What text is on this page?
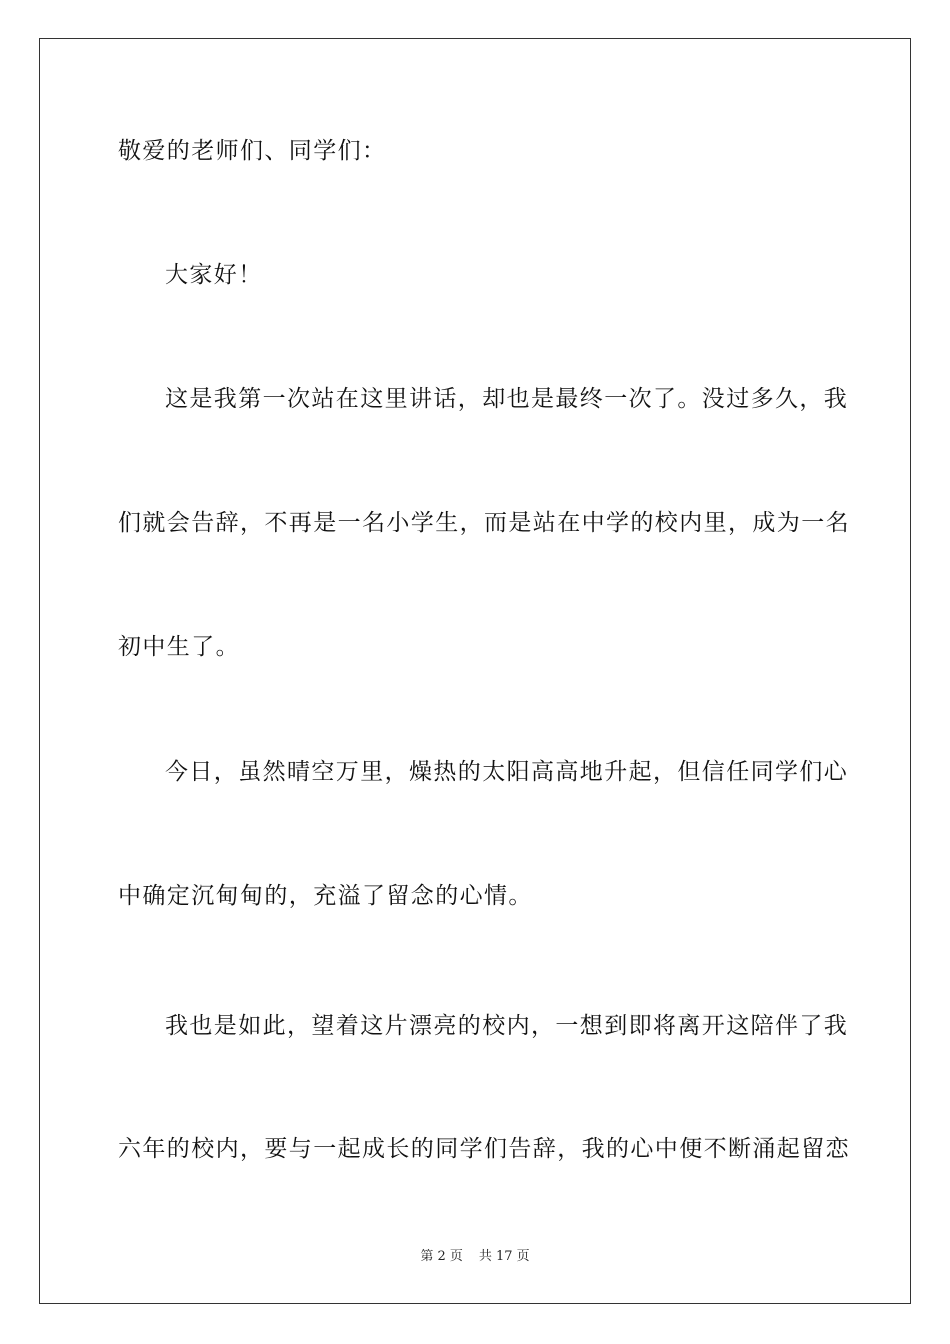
敬爱的老师们、同学们：
大家好！
这是我第一次站在这里讲话，却也是最终一次了。没过多久，我
们就会告辞，不再是一名小学生，而是站在中学的校内里，成为一名
初中生了。
今日，虽然晴空万里，燥热的太阳高高地升起，但信任同学们心
中确定沉甸甸的，充溢了留念的心情。
我也是如此，望着这片漂亮的校内，一想到即将离开这陪伴了我
六年的校内，要与一起成长的同学们告辞，我的心中便不断涌起留恋
第 2 页 共 17 页
